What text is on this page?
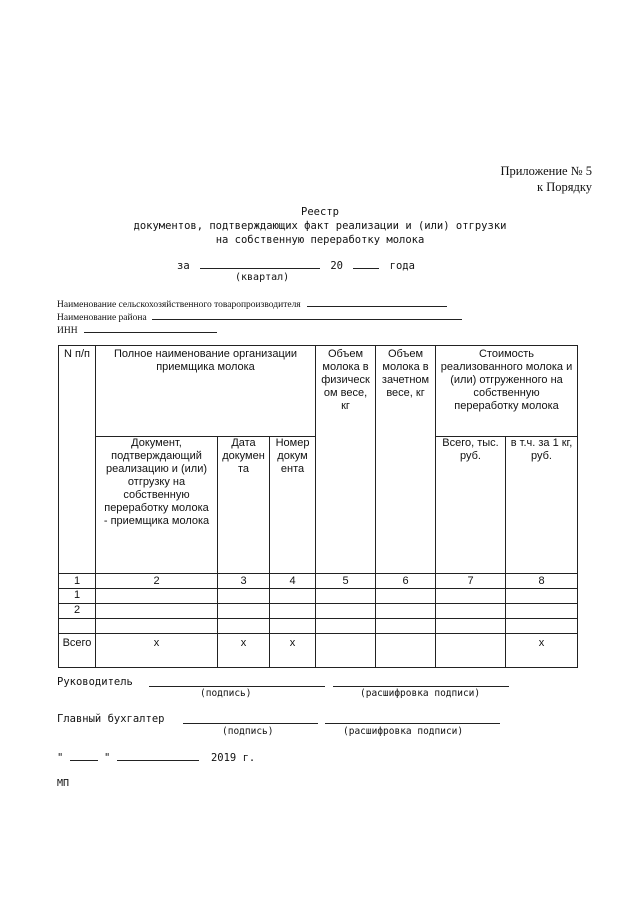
Приложение № 5
к Порядку
Реестр
документов, подтверждающих факт реализации и (или) отгрузки
на собственную переработку молока
за	20	года
(квартал)
Наименование сельскохозяйственного товаропроизводителя
Наименование района
ИНН
N п/п	Полное наименование организации приемщика молока			Объем молока в физическом весе, кг	Объем молока в зачетном весе, кг	Стоимость реализованного молока и (или) отгруженного на собственную переработку молока	
	Документ, подтверждающий реализацию и (или) отгрузку на собственную переработку молока - приемщика молока	Дата документа	Номер документа			Всего, тыс. руб.	в т.ч. за 1 кг, руб.
1	2	3	4	5	6	7	8
1							
2							

Всего	x	x	x				x
Руководитель
(подпись)	(расшифровка подписи)
Главный бухгалтер
(подпись)	(расшифровка подписи)
"	"	2019 г.
МП
